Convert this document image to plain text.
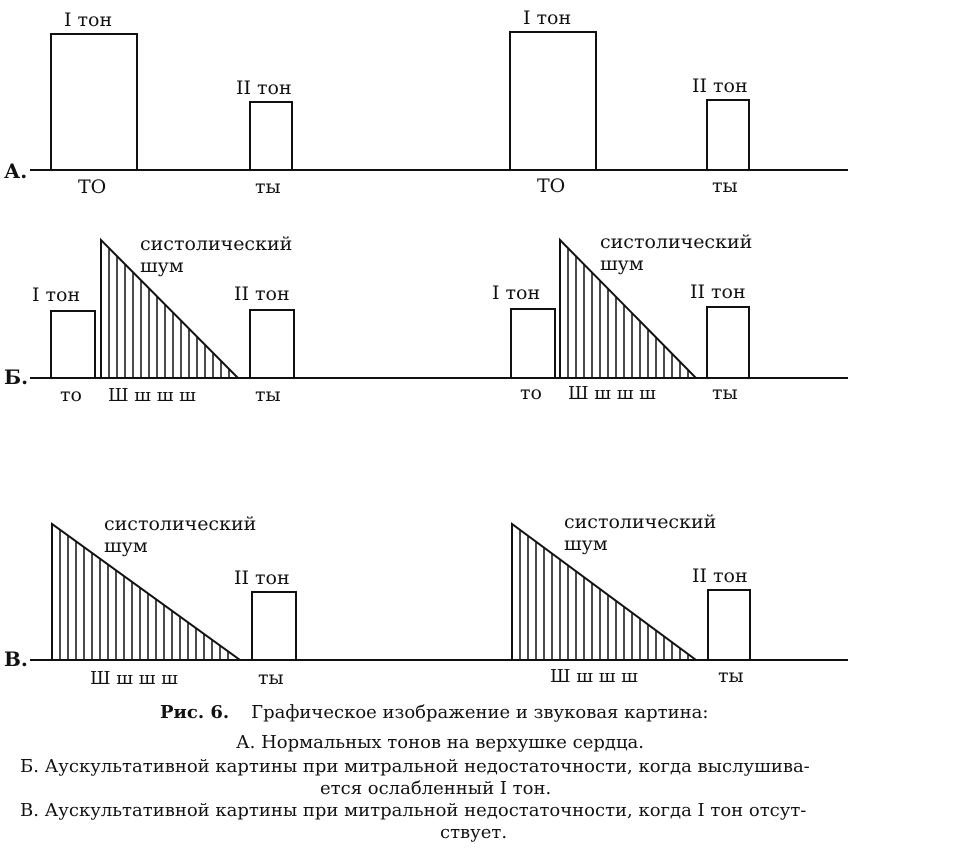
А.
I тон
II тон
ТО	ты
I тон
II тон
ТО	ты
Б.
I тон
систолический
шум
II тон
то Ш ш ш ш	ты
I тон
систолический
шум
II тон
то Ш ш ш ш	ты
В.
систолический
шум
II тон
Ш ш ш ш	ты
систолический
шум
II тон
Ш ш ш ш	ты
Рис. 6. Графическое изображение и звуковая картина:
А. Нормальных тонов на верхушке сердца.
Б. Аускультативной картины при митральной недостаточности, когда выслушива-
ется ослабленный I тон.
В. Аускультативной картины при митральной недостаточности, когда I тон отсут-
ствует.
